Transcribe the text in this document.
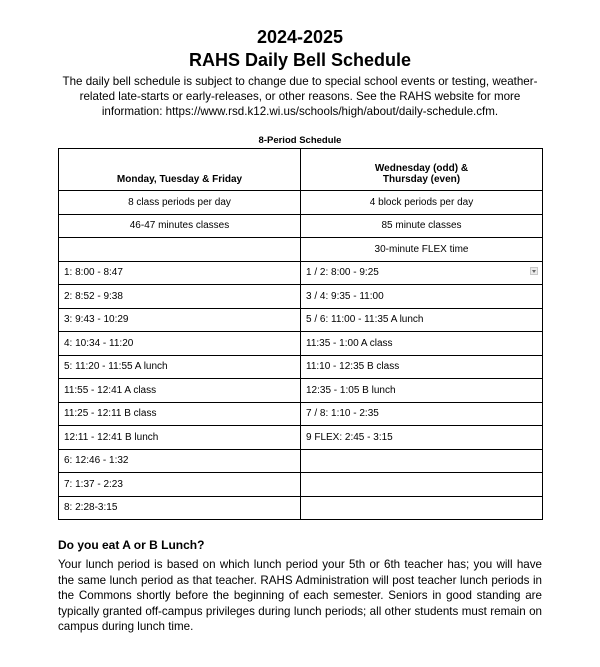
2024-2025
RAHS Daily Bell Schedule
The daily bell schedule is subject to change due to special school events or testing, weather-related late-starts or early-releases, or other reasons. See the RAHS website for more information: https://www.rsd.k12.wi.us/schools/high/about/daily-schedule.cfm.
8-Period Schedule
Monday, Tuesday & Friday	Wednesday (odd) &
Thursday (even)

8 class periods per day	4 block periods per day
46-47 minutes classes	85 minute classes
	30-minute FLEX time
1: 8:00 - 8:47	1 / 2: 8:00 - 9:25

2: 8:52 - 9:38	3 / 4: 9:35 - 11:00
3: 9:43 - 10:29	5 / 6: 11:00 - 11:35 A lunch
4: 10:34 - 11:20	11:35 - 1:00 A class
5: 11:20 - 11:55 A lunch	11:10 - 12:35 B class
11:55 - 12:41 A class	12:35 - 1:05 B lunch
11:25 - 12:11 B class	7 / 8: 1:10 - 2:35
12:11 - 12:41 B lunch	9 FLEX: 2:45 - 3:15
6: 12:46 - 1:32	
7: 1:37 - 2:23	
8: 2:28-3:15	
Do you eat A or B Lunch?
Your lunch period is based on which lunch period your 5th or 6th teacher has; you will have the same lunch period as that teacher. RAHS Administration will post teacher lunch periods in the Commons shortly before the beginning of each semester. Seniors in good standing are typically granted off-campus privileges during lunch periods; all other students must remain on campus during lunch time.
